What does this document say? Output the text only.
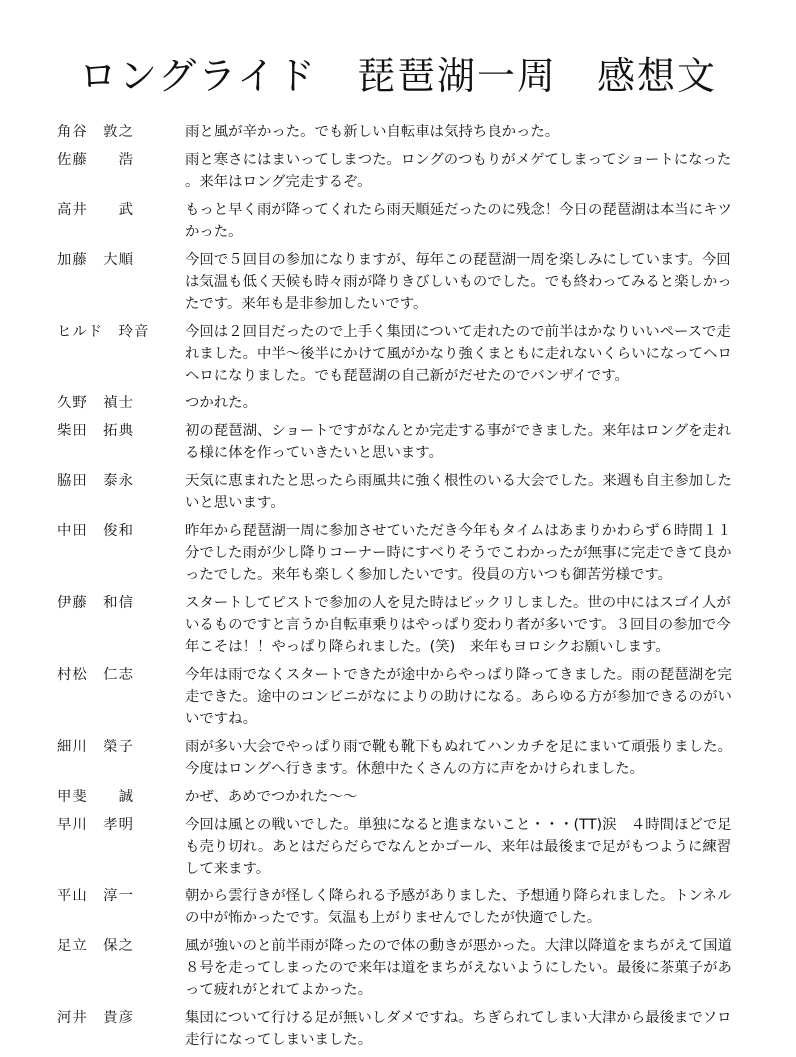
ロングライド　琵琶湖一周　感想文
角谷　敦之	雨と風が辛かった。でも新しい自転車は気持ち良かった。
佐藤　　浩	雨と寒さにはまいってしまつた。ロングのつもりがメゲてしまってショートになった。来年はロング完走するぞ。
高井　　武	もっと早く雨が降ってくれたら雨天順延だったのに残念！今日の琵琶湖は本当にキツかった。
加藤　大順	今回で５回目の参加になりますが、毎年この琵琶湖一周を楽しみにしています。今回は気温も低く天候も時々雨が降りきびしいものでした。でも終わってみると楽しかったです。来年も是非参加したいです。
ヒルド　玲音	今回は２回目だったので上手く集団について走れたので前半はかなりいいペースで走れました。中半～後半にかけて風がかなり強くまともに走れないくらいになってヘロヘロになりました。でも琵琶湖の自己新がだせたのでバンザイです。
久野　禎士	つかれた。
柴田　拓典	初の琵琶湖、ショートですがなんとか完走する事ができました。来年はロングを走れる様に体を作っていきたいと思います。
脇田　泰永	天気に恵まれたと思ったら雨風共に強く根性のいる大会でした。来週も自主参加したいと思います。
中田　俊和	昨年から琵琶湖一周に参加させていただき今年もタイムはあまりかわらず６時間１１分でした雨が少し降りコーナー時にすべりそうでこわかったが無事に完走できて良かったでした。来年も楽しく参加したいです。役員の方いつも御苦労様です。
伊藤　和信	スタートしてピストで参加の人を見た時はビックリしました。世の中にはスゴイ人がいるものですと言うか自転車乗りはやっぱり変わり者が多いです。３回目の参加で今年こそは！！やっぱり降られました。(笑)　来年もヨロシクお願いします。
村松　仁志	今年は雨でなくスタートできたが途中からやっぱり降ってきました。雨の琵琶湖を完走できた。途中のコンビニがなによりの助けになる。あらゆる方が参加できるのがいいですね。
細川　榮子	雨が多い大会でやっぱり雨で靴も靴下もぬれてハンカチを足にまいて頑張りました。今度はロングへ行きます。休憩中たくさんの方に声をかけられました。
甲斐　　誠	かぜ、あめでつかれた～～
早川　孝明	今回は風との戦いでした。単独になると進まないこと・・・(TT)涙　４時間ほどで足も売り切れ。あとはだらだらでなんとかゴール、来年は最後まで足がもつように練習して来ます。
平山　淳一	朝から雲行きが怪しく降られる予感がありました、予想通り降られました。トンネルの中が怖かったです。気温も上がりませんでしたが快適でした。
足立　保之	風が強いのと前半雨が降ったので体の動きが悪かった。大津以降道をまちがえて国道８号を走ってしまったので来年は道をまちがえないようにしたい。最後に茶菓子があって疲れがとれてよかった。
河井　貴彦	集団について行ける足が無いしダメですね。ちぎられてしまい大津から最後までソロ走行になってしまいました。
